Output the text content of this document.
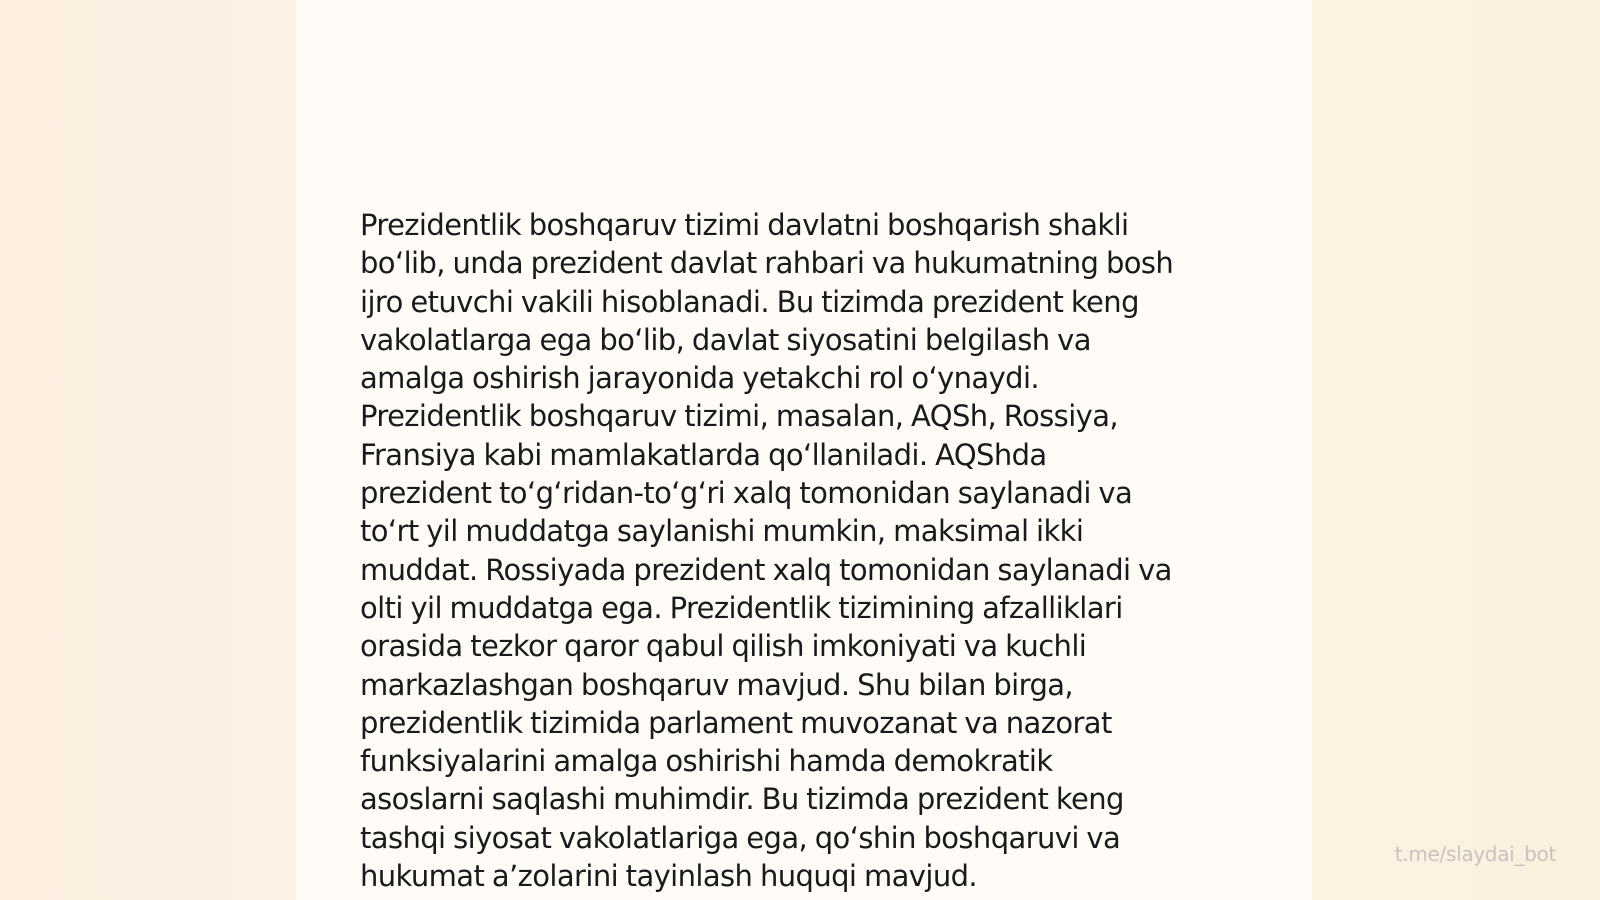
Prezidentlik boshqaruv tizimi davlatni boshqarish shakli
bo‘lib, unda prezident davlat rahbari va hukumatning bosh
ijro etuvchi vakili hisoblanadi. Bu tizimda prezident keng
vakolatlarga ega bo‘lib, davlat siyosatini belgilash va
amalga oshirish jarayonida yetakchi rol o‘ynaydi.
Prezidentlik boshqaruv tizimi, masalan, AQSh, Rossiya,
Fransiya kabi mamlakatlarda qo‘llaniladi. AQShda
prezident to‘g‘ridan-to‘g‘ri xalq tomonidan saylanadi va
to‘rt yil muddatga saylanishi mumkin, maksimal ikki
muddat. Rossiyada prezident xalq tomonidan saylanadi va
olti yil muddatga ega. Prezidentlik tizimining afzalliklari
orasida tezkor qaror qabul qilish imkoniyati va kuchli
markazlashgan boshqaruv mavjud. Shu bilan birga,
prezidentlik tizimida parlament muvozanat va nazorat
funksiyalarini amalga oshirishi hamda demokratik
asoslarni saqlashi muhimdir. Bu tizimda prezident keng
tashqi siyosat vakolatlariga ega, qo‘shin boshqaruvi va
hukumat a’zolarini tayinlash huquqi mavjud.
t.me/slaydai_bot
